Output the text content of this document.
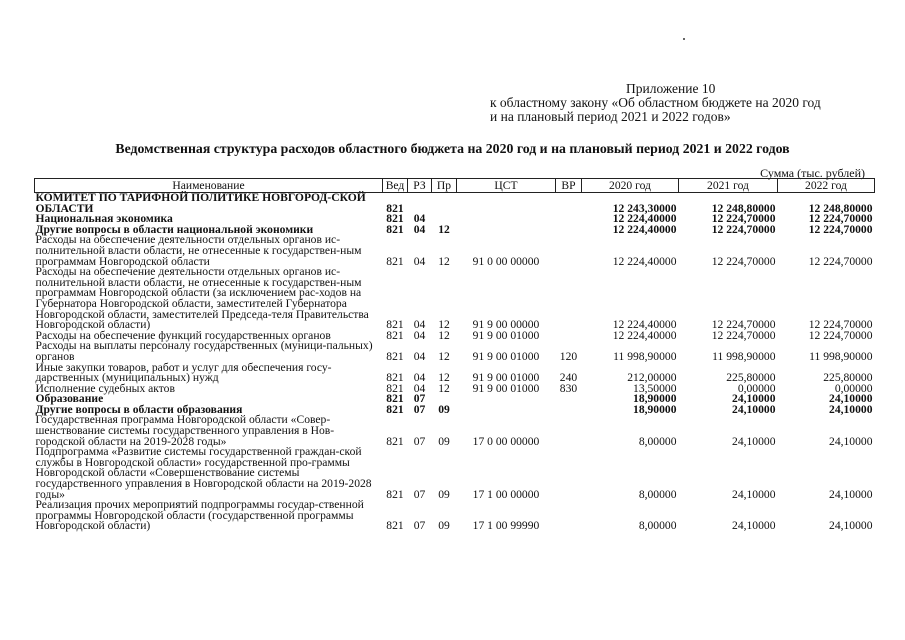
Приложение 10
к областному закону «Об областном бюджете на 2020 год
и на плановый период 2021 и 2022 годов»
Ведомственная структура расходов областного бюджета на 2020 год и на плановый период 2021 и 2022 годов
Сумма (тыс. рублей)
Наименование	Вед	РЗ	Пр	ЦСТ	ВР	2020 год	2021 год	2022 год
КОМИТЕТ ПО ТАРИФНОЙ ПОЛИТИКЕ НОВГОРОД-СКОЙ ОБЛАСТИ	821					12 243,30000	12 248,80000	12 248,80000
Национальная экономика	821	04				12 224,40000	12 224,70000	12 224,70000
Другие вопросы в области национальной экономики	821	04	12			12 224,40000	12 224,70000	12 224,70000
Расходы на обеспечение деятельности отдельных органов ис-полнительной власти области, не отнесенные к государствен-ным программам Новгородской области	821	04	12	91 0 00 00000		12 224,40000	12 224,70000	12 224,70000
Расходы на обеспечение деятельности отдельных органов ис-полнительной власти области, не отнесенные к государствен-ным программам Новгородской области (за исключением рас-ходов на Губернатора Новгородской области, заместителей Губернатора Новгородской области, заместителей Председа-теля Правительства Новгородской области)	821	04	12	91 9 00 00000		12 224,40000	12 224,70000	12 224,70000
Расходы на обеспечение функций государственных органов	821	04	12	91 9 00 01000		12 224,40000	12 224,70000	12 224,70000
Расходы на выплаты персоналу государственных (муници-пальных) органов	821	04	12	91 9 00 01000	120	11 998,90000	11 998,90000	11 998,90000
Иные закупки товаров, работ и услуг для обеспечения госу-дарственных (муниципальных) нужд	821	04	12	91 9 00 01000	240	212,00000	225,80000	225,80000
Исполнение судебных актов	821	04	12	91 9 00 01000	830	13,50000	0,00000	0,00000
Образование	821	07				18,90000	24,10000	24,10000
Другие вопросы в области образования	821	07	09			18,90000	24,10000	24,10000
Государственная программа Новгородской области «Совер-шенствование системы государственного управления в Нов-городской области на 2019-2028 годы»	821	07	09	17 0 00 00000		8,00000	24,10000	24,10000
Подпрограмма «Развитие системы государственной граждан-ской службы в Новгородской области» государственной про-граммы Новгородской области «Совершенствование системы государственного управления в Новгородской области на 2019-2028 годы»	821	07	09	17 1 00 00000		8,00000	24,10000	24,10000
Реализация прочих мероприятий подпрограммы государ-ственной программы Новгородской области (государственной программы Новгородской области)	821	07	09	17 1 00 99990		8,00000	24,10000	24,10000
